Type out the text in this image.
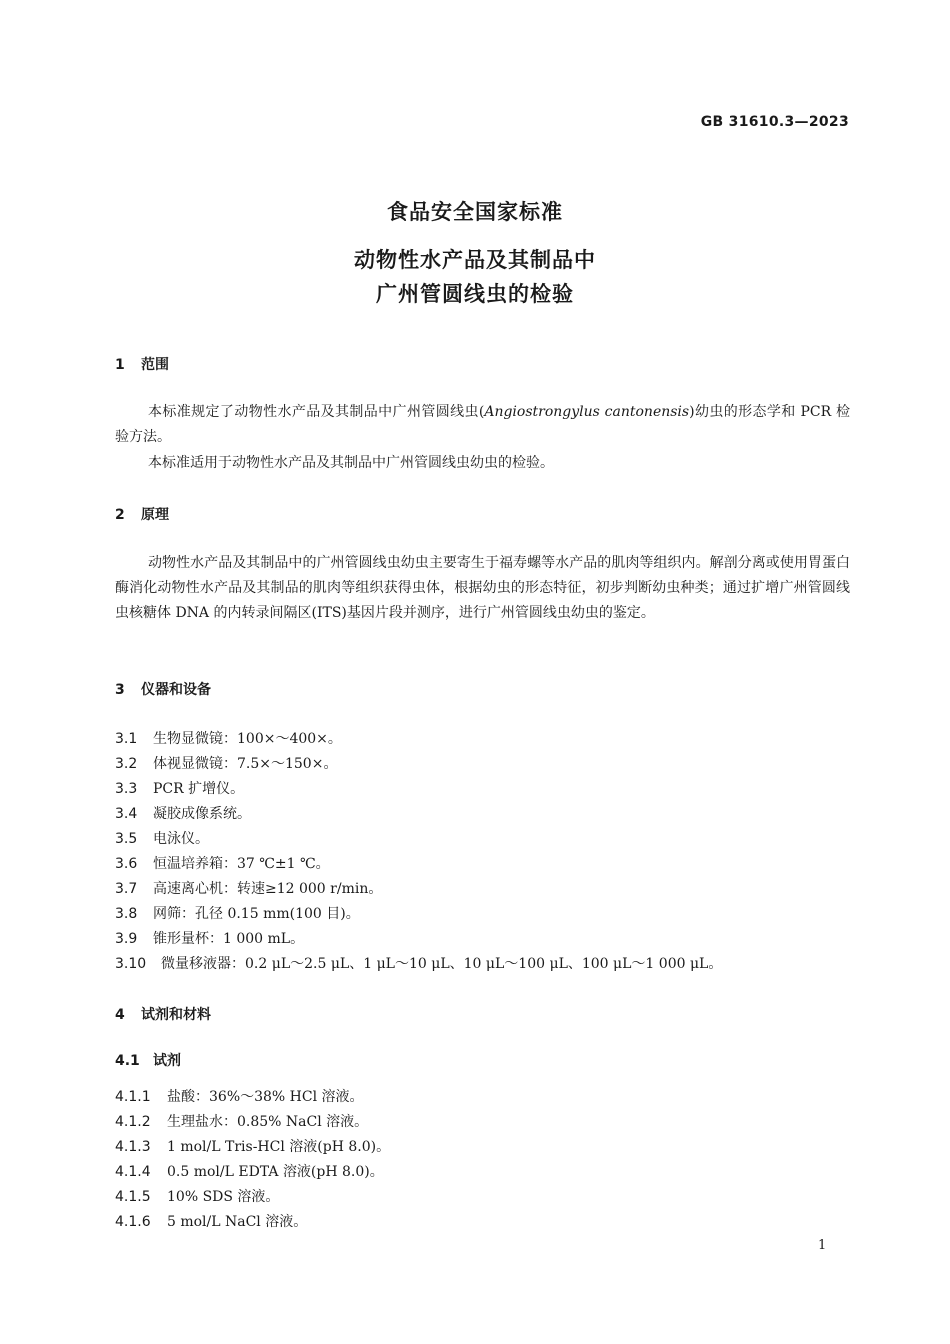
GB 31610.3—2023
食品安全国家标准
动物性水产品及其制品中
广州管圆线虫的检验
1 范围
本标准规定了动物性水产品及其制品中广州管圆线虫(Angiostrongylus cantonensis)幼虫的形态学和 PCR 检验方法。
本标准适用于动物性水产品及其制品中广州管圆线虫幼虫的检验。
2 原理
动物性水产品及其制品中的广州管圆线虫幼虫主要寄生于福寿螺等水产品的肌肉等组织内。解剖分离或使用胃蛋白酶消化动物性水产品及其制品的肌肉等组织获得虫体，根据幼虫的形态特征，初步判断幼虫种类；通过扩增广州管圆线虫核糖体 DNA 的内转录间隔区(ITS)基因片段并测序，进行广州管圆线虫幼虫的鉴定。
3 仪器和设备
3.1 生物显微镜：100×～400×。
3.2 体视显微镜：7.5×～150×。
3.3 PCR 扩增仪。
3.4 凝胶成像系统。
3.5 电泳仪。
3.6 恒温培养箱：37 ℃±1 ℃。
3.7 高速离心机：转速≥12 000 r/min。
3.8 网筛：孔径 0.15 mm(100 目)。
3.9 锥形量杯：1 000 mL。
3.10 微量移液器：0.2 μL～2.5 μL、1 μL～10 μL、10 μL～100 μL、100 μL～1 000 μL。
4 试剂和材料
4.1 试剂
4.1.1 盐酸：36%～38% HCl 溶液。
4.1.2 生理盐水：0.85% NaCl 溶液。
4.1.3 1 mol/L Tris-HCl 溶液(pH 8.0)。
4.1.4 0.5 mol/L EDTA 溶液(pH 8.0)。
4.1.5 10% SDS 溶液。
4.1.6 5 mol/L NaCl 溶液。
1
